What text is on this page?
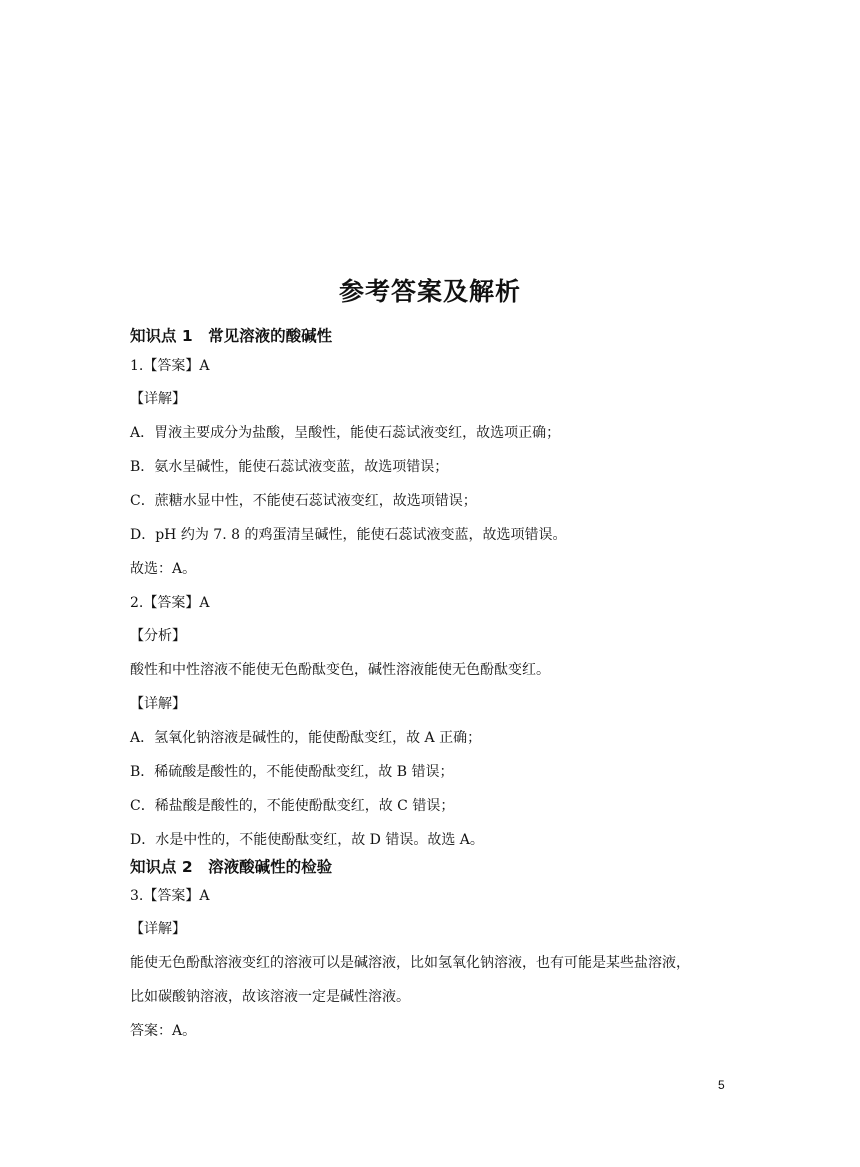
参考答案及解析
知识点 1　常见溶液的酸碱性
1.【答案】A
【详解】
A．胃液主要成分为盐酸，呈酸性，能使石蕊试液变红，故选项正确；
B．氨水呈碱性，能使石蕊试液变蓝，故选项错误；
C．蔗糖水显中性，不能使石蕊试液变红，故选项错误；
D．pH 约为 7. 8 的鸡蛋清呈碱性，能使石蕊试液变蓝，故选项错误。
故选：A。
2.【答案】A
【分析】
酸性和中性溶液不能使无色酚酞变色，碱性溶液能使无色酚酞变红。
【详解】
A．氢氧化钠溶液是碱性的，能使酚酞变红，故 A 正确；
B．稀硫酸是酸性的，不能使酚酞变红，故 B 错误；
C．稀盐酸是酸性的，不能使酚酞变红，故 C 错误；
D．水是中性的，不能使酚酞变红，故 D 错误。故选 A。
知识点 2　溶液酸碱性的检验
3.【答案】A
【详解】
能使无色酚酞溶液变红的溶液可以是碱溶液，比如氢氧化钠溶液，也有可能是某些盐溶液，
比如碳酸钠溶液，故该溶液一定是碱性溶液。
答案：A。
5
